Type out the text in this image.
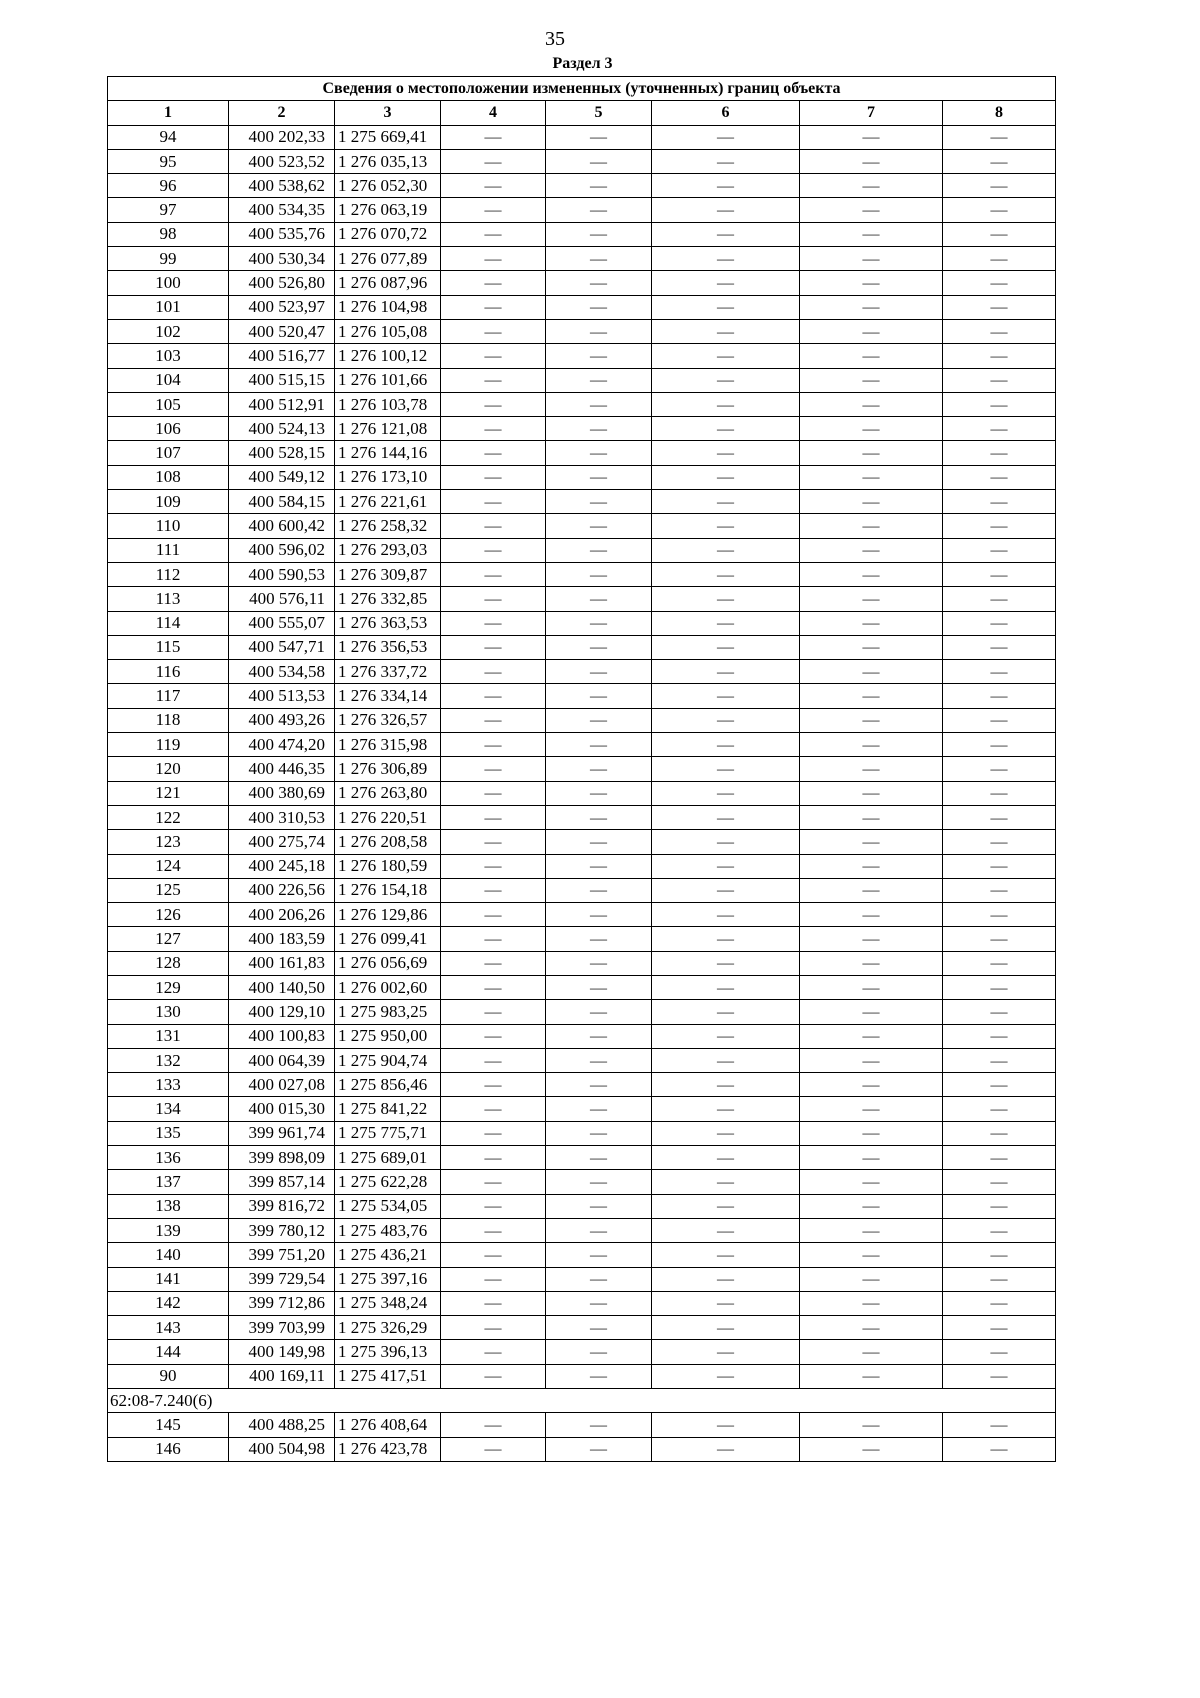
35
Раздел 3
Сведения о местоположении измененных (уточненных) границ объекта							
1	2	3	4	5	6	7	8
94	400 202,33	1 275 669,41	—	—	—	—	—
95	400 523,52	1 276 035,13	—	—	—	—	—
96	400 538,62	1 276 052,30	—	—	—	—	—
97	400 534,35	1 276 063,19	—	—	—	—	—
98	400 535,76	1 276 070,72	—	—	—	—	—
99	400 530,34	1 276 077,89	—	—	—	—	—
100	400 526,80	1 276 087,96	—	—	—	—	—
101	400 523,97	1 276 104,98	—	—	—	—	—
102	400 520,47	1 276 105,08	—	—	—	—	—
103	400 516,77	1 276 100,12	—	—	—	—	—
104	400 515,15	1 276 101,66	—	—	—	—	—
105	400 512,91	1 276 103,78	—	—	—	—	—
106	400 524,13	1 276 121,08	—	—	—	—	—
107	400 528,15	1 276 144,16	—	—	—	—	—
108	400 549,12	1 276 173,10	—	—	—	—	—
109	400 584,15	1 276 221,61	—	—	—	—	—
110	400 600,42	1 276 258,32	—	—	—	—	—
111	400 596,02	1 276 293,03	—	—	—	—	—
112	400 590,53	1 276 309,87	—	—	—	—	—
113	400 576,11	1 276 332,85	—	—	—	—	—
114	400 555,07	1 276 363,53	—	—	—	—	—
115	400 547,71	1 276 356,53	—	—	—	—	—
116	400 534,58	1 276 337,72	—	—	—	—	—
117	400 513,53	1 276 334,14	—	—	—	—	—
118	400 493,26	1 276 326,57	—	—	—	—	—
119	400 474,20	1 276 315,98	—	—	—	—	—
120	400 446,35	1 276 306,89	—	—	—	—	—
121	400 380,69	1 276 263,80	—	—	—	—	—
122	400 310,53	1 276 220,51	—	—	—	—	—
123	400 275,74	1 276 208,58	—	—	—	—	—
124	400 245,18	1 276 180,59	—	—	—	—	—
125	400 226,56	1 276 154,18	—	—	—	—	—
126	400 206,26	1 276 129,86	—	—	—	—	—
127	400 183,59	1 276 099,41	—	—	—	—	—
128	400 161,83	1 276 056,69	—	—	—	—	—
129	400 140,50	1 276 002,60	—	—	—	—	—
130	400 129,10	1 275 983,25	—	—	—	—	—
131	400 100,83	1 275 950,00	—	—	—	—	—
132	400 064,39	1 275 904,74	—	—	—	—	—
133	400 027,08	1 275 856,46	—	—	—	—	—
134	400 015,30	1 275 841,22	—	—	—	—	—
135	399 961,74	1 275 775,71	—	—	—	—	—
136	399 898,09	1 275 689,01	—	—	—	—	—
137	399 857,14	1 275 622,28	—	—	—	—	—
138	399 816,72	1 275 534,05	—	—	—	—	—
139	399 780,12	1 275 483,76	—	—	—	—	—
140	399 751,20	1 275 436,21	—	—	—	—	—
141	399 729,54	1 275 397,16	—	—	—	—	—
142	399 712,86	1 275 348,24	—	—	—	—	—
143	399 703,99	1 275 326,29	—	—	—	—	—
144	400 149,98	1 275 396,13	—	—	—	—	—
90	400 169,11	1 275 417,51	—	—	—	—	—
62:08-7.240(6)							
145	400 488,25	1 276 408,64	—	—	—	—	—
146	400 504,98	1 276 423,78	—	—	—	—	—
